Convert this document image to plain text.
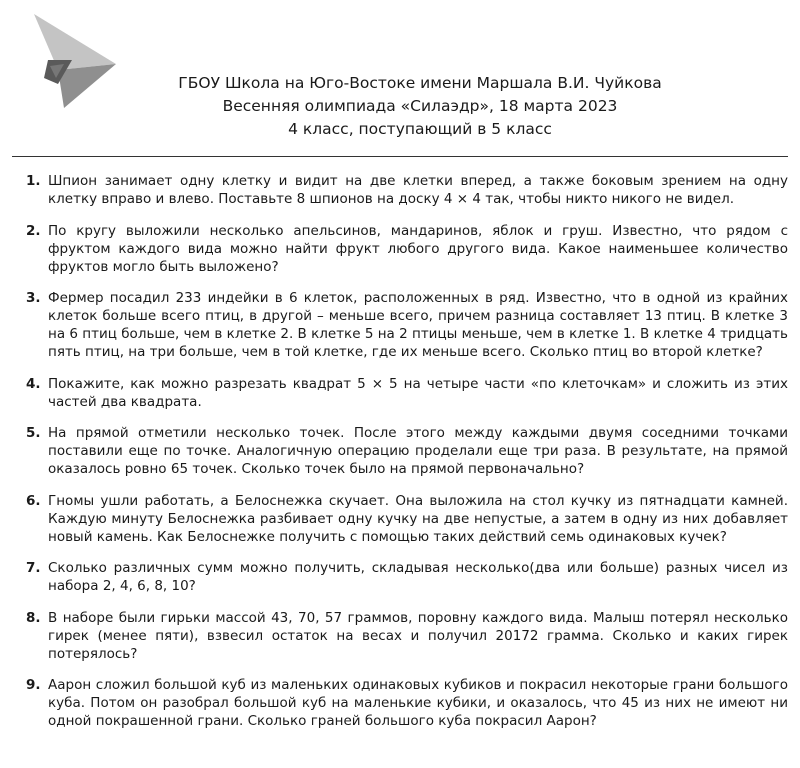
ГБОУ Школа на Юго-Востоке имени Маршала В.И. Чуйкова
Весенняя олимпиада «Силаэдр», 18 марта 2023
4 класс, поступающий в 5 класс
1. Шпион занимает одну клетку и видит на две клетки вперед, а также боковым зрением на одну клетку вправо и влево. Поставьте 8 шпионов на доску 4 × 4 так, чтобы никто никого не видел.
2. По кругу выложили несколько апельсинов, мандаринов, яблок и груш. Известно, что рядом с фруктом каждого вида можно найти фрукт любого другого вида. Какое наименьшее количество фруктов могло быть выложено?
3. Фермер посадил 233 индейки в 6 клеток, расположенных в ряд. Известно, что в одной из крайних клеток больше всего птиц, в другой – меньше всего, причем разница составляет 13 птиц. В клетке 3 на 6 птиц больше, чем в клетке 2. В клетке 5 на 2 птицы меньше, чем в клетке 1. В клетке 4 тридцать пять птиц, на три больше, чем в той клетке, где их меньше всего. Сколько птиц во второй клетке?
4. Покажите, как можно разрезать квадрат 5 × 5 на четыре части «по клеточкам» и сложить из этих частей два квадрата.
5. На прямой отметили несколько точек. После этого между каждыми двумя соседними точками поставили еще по точке. Аналогичную операцию проделали еще три раза. В результате, на прямой оказалось ровно 65 точек. Сколько точек было на прямой первоначально?
6. Гномы ушли работать, а Белоснежка скучает. Она выложила на стол кучку из пятнадцати камней. Каждую минуту Белоснежка разбивает одну кучку на две непустые, а затем в одну из них добавляет новый камень. Как Белоснежке получить с помощью таких действий семь одинаковых кучек?
7. Сколько различных сумм можно получить, складывая несколько(два или больше) разных чисел из набора 2, 4, 6, 8, 10?
8. В наборе были гирьки массой 43, 70, 57 граммов, поровну каждого вида. Малыш потерял несколько гирек (менее пяти), взвесил остаток на весах и получил 20172 грамма. Сколько и каких гирек потерялось?
9. Аарон сложил большой куб из маленьких одинаковых кубиков и покрасил некоторые грани большого куба. Потом он разобрал большой куб на маленькие кубики, и оказалось, что 45 из них не имеют ни одной покрашенной грани. Сколько граней большого куба покрасил Аарон?
